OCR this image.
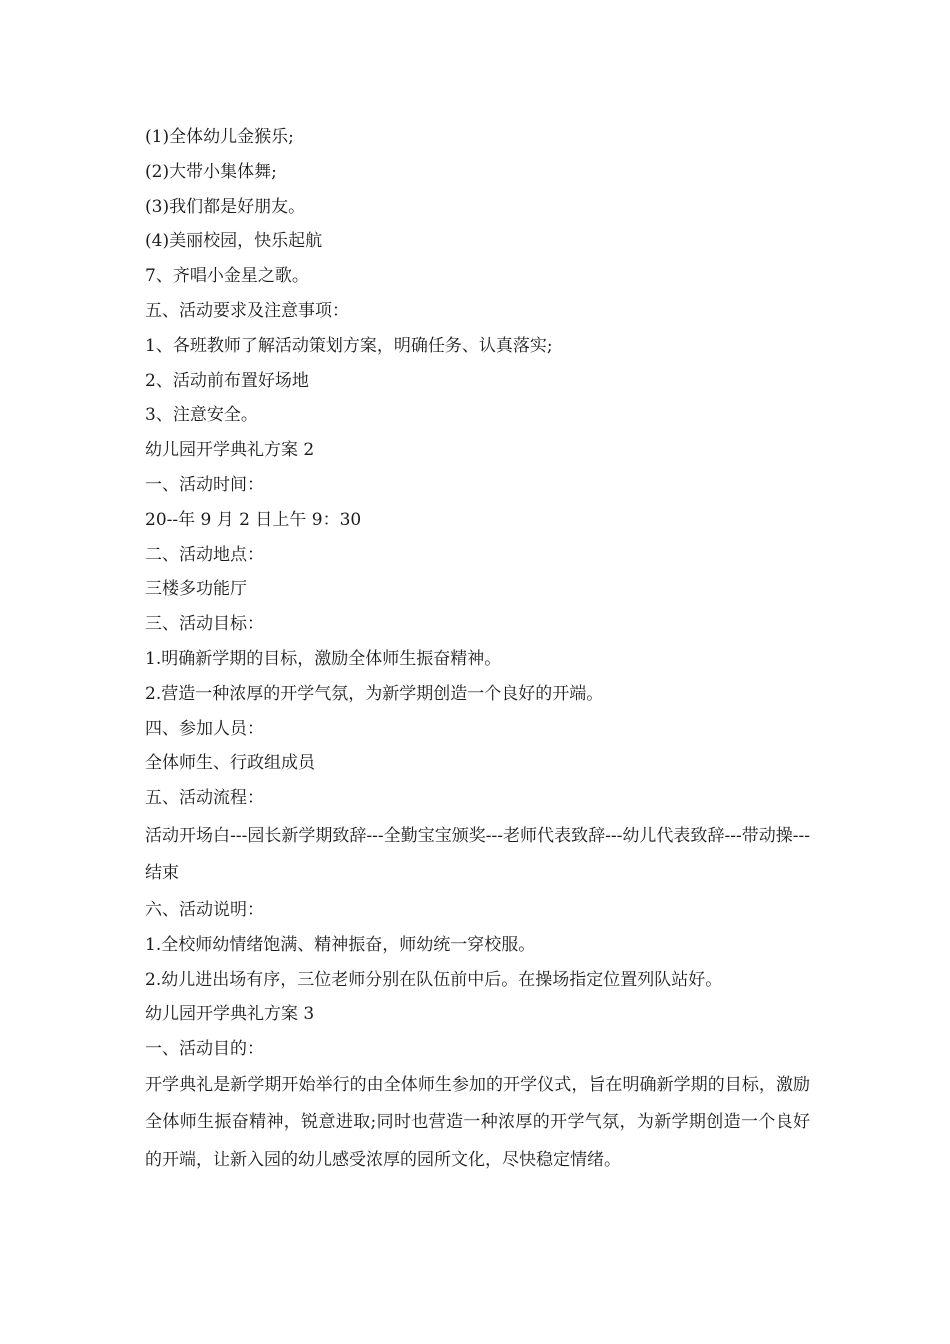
(1)全体幼儿金猴乐;
(2)大带小集体舞;
(3)我们都是好朋友。
(4)美丽校园，快乐起航
7、齐唱小金星之歌。
五、活动要求及注意事项：
1、各班教师了解活动策划方案，明确任务、认真落实;
2、活动前布置好场地
3、注意安全。
幼儿园开学典礼方案 2
一、活动时间：
20--年 9 月 2 日上午 9：30
二、活动地点：
三楼多功能厅
三、活动目标：
1.明确新学期的目标，激励全体师生振奋精神。
2.营造一种浓厚的开学气氛，为新学期创造一个良好的开端。
四、参加人员：
全体师生、行政组成员
五、活动流程：

活动开场白---园长新学期致辞---全勤宝宝颁奖---老师代表致辞---幼儿代表致辞---带动操---结束

六、活动说明：
1.全校师幼情绪饱满、精神振奋，师幼统一穿校服。
2.幼儿进出场有序，三位老师分别在队伍前中后。在操场指定位置列队站好。
幼儿园开学典礼方案 3
一、活动目的：

开学典礼是新学期开始举行的由全体师生参加的开学仪式，旨在明确新学期的目标，激励全体师生振奋精神，锐意进取;同时也营造一种浓厚的开学气氛，为新学期创造一个良好的开端，让新入园的幼儿感受浓厚的园所文化，尽快稳定情绪。
